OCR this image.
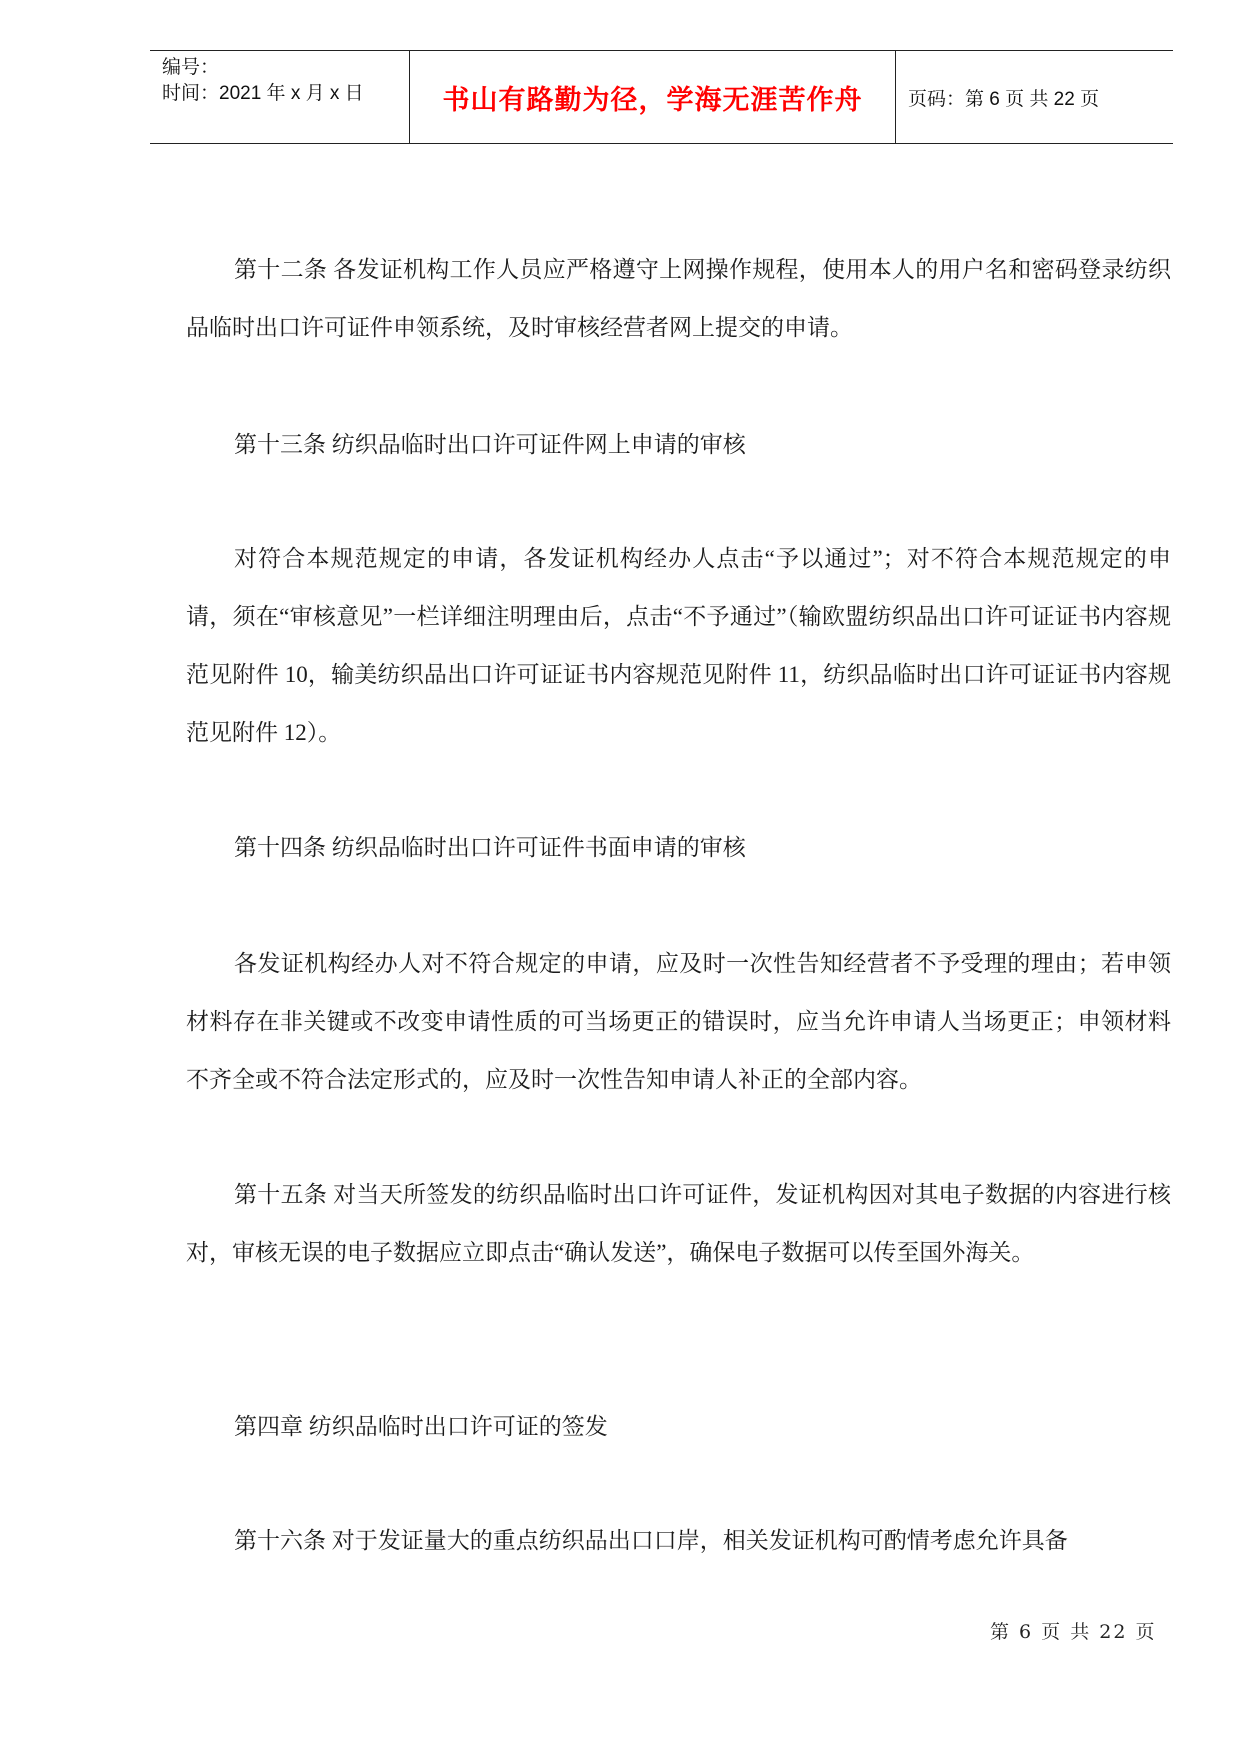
编号：
时间：2021 年 x 月 x 日	书山有路勤为径，学海无涯苦作舟 页码：第 6 页 共 22 页

第十二条 各发证机构工作人员应严格遵守上网操作规程，使用本人的用户名和密码登录纺织品临时出口许可证件申领系统，及时审核经营者网上提交的申请。

第十三条 纺织品临时出口许可证件网上申请的审核

对符合本规范规定的申请，各发证机构经办人点击“予以通过”；对不符合本规范规定的申请，须在“审核意见”一栏详细注明理由后，点击“不予通过”（输欧盟纺织品出口许可证证书内容规范见附件 10，输美纺织品出口许可证证书内容规范见附件 11，纺织品临时出口许可证证书内容规范见附件 12）。

第十四条 纺织品临时出口许可证件书面申请的审核

各发证机构经办人对不符合规定的申请，应及时一次性告知经营者不予受理的理由；若申领材料存在非关键或不改变申请性质的可当场更正的错误时，应当允许申请人当场更正；申领材料不齐全或不符合法定形式的，应及时一次性告知申请人补正的全部内容。

第十五条 对当天所签发的纺织品临时出口许可证件，发证机构因对其电子数据的内容进行核对，审核无误的电子数据应立即点击“确认发送”，确保电子数据可以传至国外海关。

第四章 纺织品临时出口许可证的签发

第十六条 对于发证量大的重点纺织品出口口岸，相关发证机构可酌情考虑允许具备

第 6 页 共 22 页
